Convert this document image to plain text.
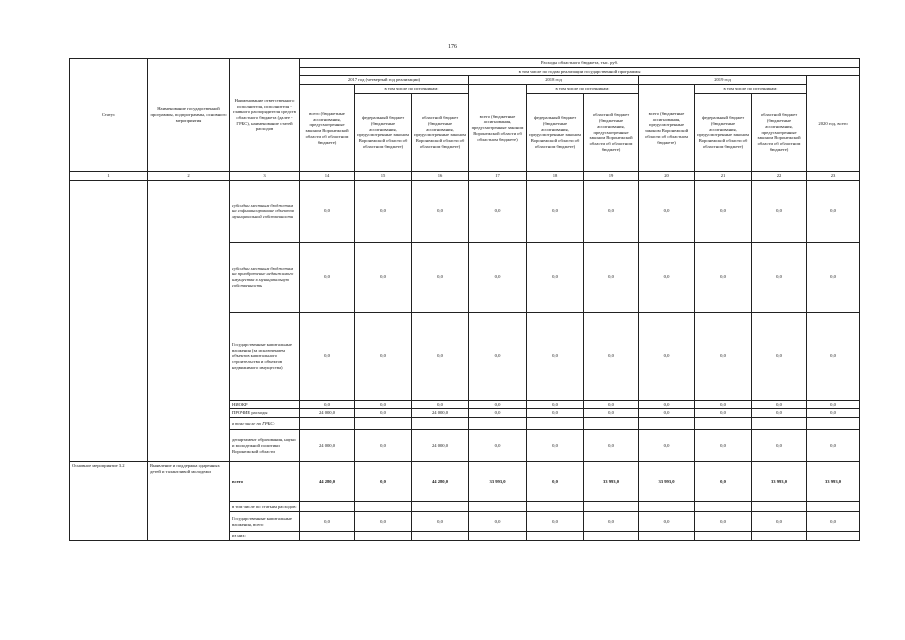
176
Статус	Наименование государственной программы, подпрограммы, основного мероприятия	Наименование ответственного исполнителя, исполнителя - главного распорядителя средств областного бюджета (далее - ГРБС), наименование статей расходов	Расходы областного бюджета, тыс. руб.									
			в том числе по годам реализации государственной программы									
			2017 год (четвертый год реализации)			2018 год			2019 год			2020 год, всего
			всего (бюджетные ассигнования, предусмотренные законом Воронежской области об областном бюджете)	в том числе по источникам:		всего (бюджетные ассигнования, предусмотренные законом Воронежской области об областном бюджете)	в том числе по источникам:		всего (бюджетные ассигнования, предусмотренные законом Воронежской области об областном бюджете)	в том числе по источникам:		
				федеральный бюджет (бюджетные ассигнования, предусмотренные законом Воронежской области об областном бюджете)	областной бюджет (бюджетные ассигнования, предусмотренные законом Воронежской области об областном бюджете)		федеральный бюджет (бюджетные ассигнования, предусмотренные законом Воронежской области об областном бюджете)	областной бюджет (бюджетные ассигнования, предусмотренные законом Воронежской области об областном бюджете)		федеральный бюджет (бюджетные ассигнования, предусмотренные законом Воронежской области об областном бюджете)	областной бюджет (бюджетные ассигнования, предусмотренные законом Воронежской области об областном бюджете)	
1	2	3	14	15	16	17	18	19	20	21	22	23
		субсидии местным бюджетам на софинансирование объектов муниципальной собственности	0,0	0,0	0,0	0,0	0,0	0,0	0,0	0,0	0,0	0,0
		субсидии местным бюджетам на приобретение недвижимого имущества в муниципальную собственность	0,0	0,0	0,0	0,0	0,0	0,0	0,0	0,0	0,0	0,0
		Государственные капитальные вложения (за исключением объектов капитального строительства и объектов недвижимого имущества)	0,0	0,0	0,0	0,0	0,0	0,0	0,0	0,0	0,0	0,0
		НИОКР	0,0	0,0	0,0	0,0	0,0	0,0	0,0	0,0	0,0	0,0
		ПРОЧИЕ расходы	24 000,0	0,0	24 000,0	0,0	0,0	0,0	0,0	0,0	0,0	0,0
		в том числе по ГРБС:										
		департамент образования, науки и молодежной политики Воронежской области	24 000,0	0,0	24 000,0	0,0	0,0	0,0	0,0	0,0	0,0	0,0
Основное мероприятие 3.2	Выявление и поддержка одаренных детей и талантливой молодежи	всего	44 280,0	0,0	44 280,0	33 993,0	0,0	33 993,0	33 993,0	0,0	33 993,0	33 993,0
		в том числе по статьям расходов:										
		Государственные капитальные вложения, всего	0,0	0,0	0,0	0,0	0,0	0,0	0,0	0,0	0,0	0,0
		из них:										
